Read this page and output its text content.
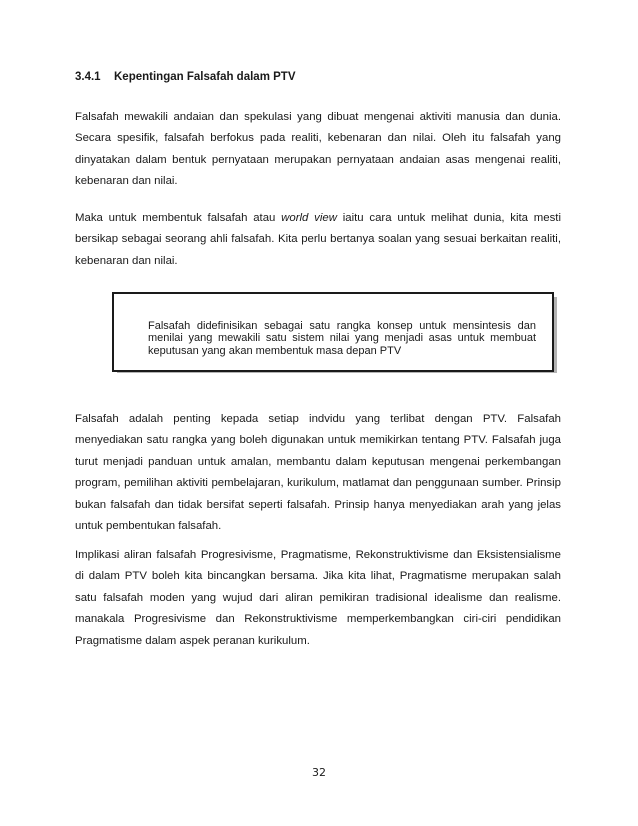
3.4.1 Kepentingan Falsafah dalam PTV

Falsafah mewakili andaian dan spekulasi yang dibuat mengenai aktiviti manusia dan dunia. Secara spesifik, falsafah berfokus pada realiti, kebenaran dan nilai. Oleh itu falsafah yang dinyatakan dalam bentuk pernyataan merupakan pernyataan andaian asas mengenai realiti, kebenaran dan nilai.

Maka untuk membentuk falsafah atau world view iaitu cara untuk melihat dunia, kita mesti bersikap sebagai seorang ahli falsafah. Kita perlu bertanya soalan yang sesuai berkaitan realiti, kebenaran dan nilai.

Falsafah didefinisikan sebagai satu rangka konsep untuk mensintesis dan menilai yang mewakili satu sistem nilai yang menjadi asas untuk membuat keputusan yang akan membentuk masa depan PTV

Falsafah adalah penting kepada setiap indvidu yang terlibat dengan PTV. Falsafah menyediakan satu rangka yang boleh digunakan untuk memikirkan tentang PTV. Falsafah juga turut menjadi panduan untuk amalan, membantu dalam keputusan mengenai perkembangan program, pemilihan aktiviti pembelajaran, kurikulum, matlamat dan penggunaan sumber. Prinsip bukan falsafah dan tidak bersifat seperti falsafah. Prinsip hanya menyediakan arah yang jelas untuk pembentukan falsafah.

Implikasi aliran falsafah Progresivisme, Pragmatisme, Rekonstruktivisme dan Eksistensialisme di dalam PTV boleh kita bincangkan bersama. Jika kita lihat, Pragmatisme merupakan salah satu falsafah moden yang wujud dari aliran pemikiran tradisional idealisme dan realisme. manakala Progresivisme dan Rekonstruktivisme memperkembangkan ciri-ciri pendidikan Pragmatisme dalam aspek peranan kurikulum.

32
